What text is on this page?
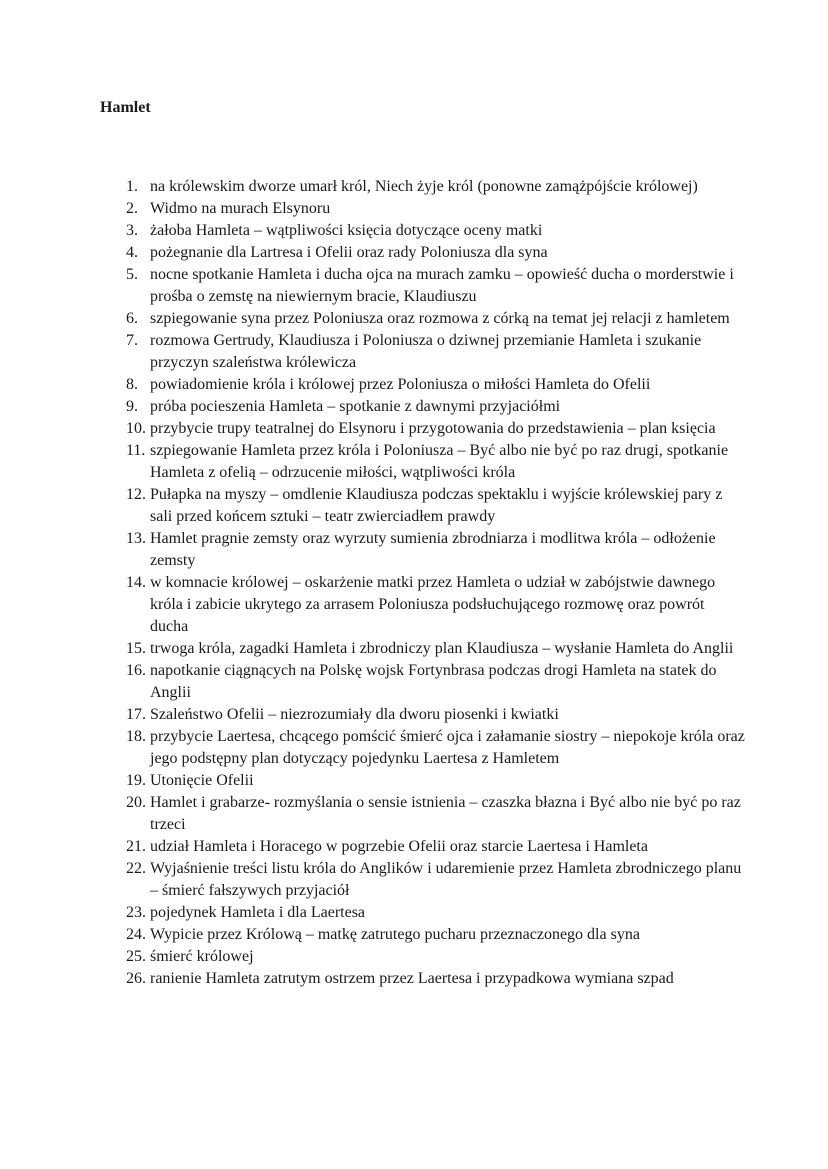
Hamlet
1. na królewskim dworze umarł król, Niech żyje król (ponowne zamążpójście królowej)
2. Widmo na murach Elsynoru
3. żałoba Hamleta – wątpliwości księcia dotyczące oceny matki
4. pożegnanie dla Lartresa i Ofelii oraz rady Poloniusza dla syna
5. nocne spotkanie Hamleta i ducha ojca na murach zamku – opowieść ducha o morderstwie i prośba o zemstę na niewiernym bracie, Klaudiuszu
6. szpiegowanie syna przez Poloniusza oraz rozmowa z córką na temat jej relacji z hamletem
7. rozmowa Gertrudy, Klaudiusza i Poloniusza o dziwnej przemianie Hamleta i szukanie przyczyn szaleństwa królewicza
8. powiadomienie króla i królowej przez Poloniusza o miłości Hamleta do Ofelii
9. próba pocieszenia Hamleta – spotkanie z dawnymi przyjaciółmi
10. przybycie trupy teatralnej do Elsynoru i przygotowania do przedstawienia – plan księcia
11. szpiegowanie Hamleta przez króla i Poloniusza – Być albo nie być po raz drugi, spotkanie Hamleta z ofelią – odrzucenie miłości, wątpliwości króla
12. Pułapka na myszy – omdlenie Klaudiusza podczas spektaklu i wyjście królewskiej pary z sali przed końcem sztuki – teatr zwierciadłem prawdy
13. Hamlet pragnie zemsty oraz wyrzuty sumienia zbrodniarza i modlitwa króla – odłożenie zemsty
14. w komnacie królowej – oskarżenie matki przez Hamleta o udział w zabójstwie dawnego króla i zabicie ukrytego za arrasem Poloniusza podsłuchującego rozmowę oraz powrót ducha
15. trwoga króla, zagadki Hamleta i zbrodniczy plan Klaudiusza – wysłanie Hamleta do Anglii
16. napotkanie ciągnących na Polskę wojsk Fortynbrasa podczas drogi Hamleta na statek do Anglii
17. Szaleństwo Ofelii – niezrozumiały dla dworu piosenki i kwiatki
18. przybycie Laertesa, chcącego pomścić śmierć ojca i załamanie siostry – niepokoje króla oraz jego podstępny plan dotyczący pojedynku Laertesa z Hamletem
19. Utonięcie Ofelii
20. Hamlet i grabarze- rozmyślania o sensie istnienia – czaszka błazna i Być albo nie być po raz trzeci
21. udział Hamleta i Horacego w pogrzebie Ofelii oraz starcie Laertesa i Hamleta
22. Wyjaśnienie treści listu króla do Anglików i udaremienie przez Hamleta zbrodniczego planu – śmierć fałszywych przyjaciół
23. pojedynek Hamleta i dla Laertesa
24. Wypicie przez Królową – matkę zatrutego pucharu przeznaczonego dla syna
25. śmierć królowej
26. ranienie Hamleta zatrutym ostrzem przez Laertesa i przypadkowa wymiana szpad
